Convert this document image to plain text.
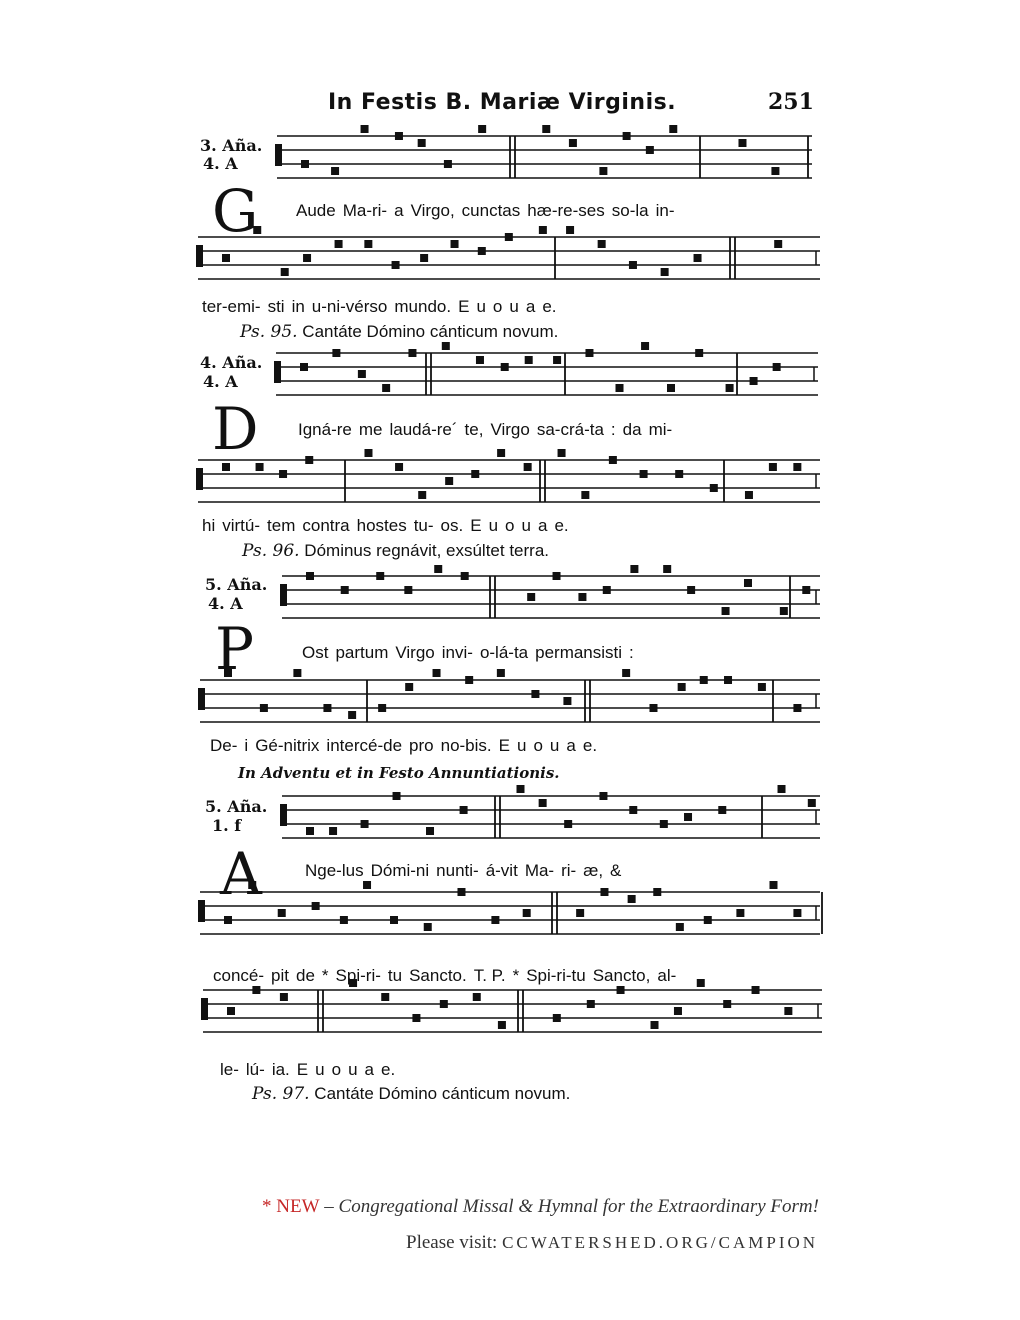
In Festis B. Mariæ Virginis.	251
3. Aña.
4. A
G Aude Ma-ri- a Virgo, cunctas hæ-re-ses so-la in-
ter-emi- sti in u-ni-vérso mundo. E u o u a e.
Ps. 95. Cantáte Dómino cánticum novum.
4. Aña.
4. A
D Igná-re me laudá-re´ te, Virgo sa-crá-ta : da mi-
hi virtú- tem contra hostes tu- os. E u o u a e.
Ps. 96. Dóminus regnávit, exsúltet terra.
5. Aña.
4. A
P	Ost partum Virgo invi- o-lá-ta permansisti :
De- i Gé-nitrix intercé-de pro no-bis. E u o u a e.
In Adventu et in Festo Annuntiationis.
5. Aña.
1. f
A	Nge-lus Dómi-ni nunti- á-vit Ma- ri- æ, &
concé- pit de * Spi-ri- tu Sancto. T. P. * Spi-ri-tu Sancto, al-
le- lú- ia. E u o u a e.
Ps. 97. Cantáte Dómino cánticum novum.
* NEW – Congregational Missal & Hymnal for the Extraordinary Form!
Please visit: CCWATERSHED.ORG/CAMPION
